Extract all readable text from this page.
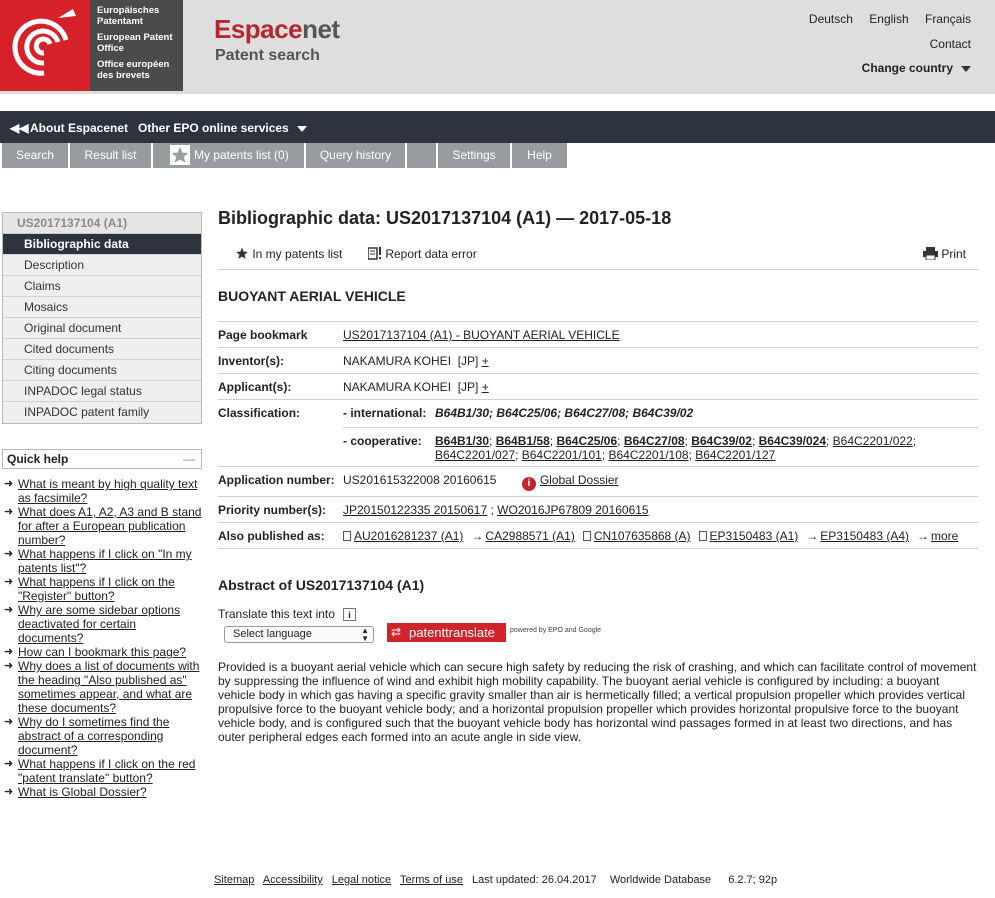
Europäisches Patentamt
European Patent Office
Office européen des brevets
Espacenet
Patent search
Deutsch English Français
Contact
Change country
◀◀ About Espacenet Other EPO online services
Search	Result list	My patents list (0)	Query history	Settings	Help
US2017137104 (A1)
Bibliographic data
Description
Claims
Mosaics
Original document
Cited documents
Citing documents
INPADOC legal status
INPADOC patent family
Quick help	—
➜ What is meant by high quality text as facsimile?
➜ What does A1, A2, A3 and B stand for after a European publication number?
➜ What happens if I click on "In my patents list"?
➜ What happens if I click on the "Register" button?
➜ Why are some sidebar options deactivated for certain documents?
➜ How can I bookmark this page?
➜ Why does a list of documents with the heading "Also published as" sometimes appear, and what are these documents?
➜ Why do I sometimes find the abstract of a corresponding document?
➜ What happens if I click on the red "patent translate" button?
➜ What is Global Dossier?
Bibliographic data: US2017137104 (A1) — 2017-05-18
In my patents list	Report data error	Print
BUOYANT AERIAL VEHICLE
Page bookmark	US2017137104 (A1) - BUOYANT AERIAL VEHICLE
Inventor(s):	NAKAMURA KOHEI [JP] +
Applicant(s):	NAKAMURA KOHEI [JP] +
Classification:	- international: B64B1/30; B64C25/06; B64C27/08; B64C39/02
- cooperative:	B64B1/30; B64B1/58; B64C25/06; B64C27/08; B64C39/02; B64C39/024; B64C2201/022; B64C2201/027; B64C2201/101; B64C2201/108; B64C2201/127
Application number: US201615322008 20160615	i Global Dossier
Priority number(s):	JP20150122335 20150617 ; WO2016JP67809 20160615
Also published as:	AU2016281237 (A1) → CA2988571 (A1) CN107635868 (A) EP3150483 (A1) → EP3150483 (A4) → more
Abstract of US2017137104 (A1)
Translate this text into i
Select language	▲
▼ ⇄ patenttranslate	powered by EPO and Google
Provided is a buoyant aerial vehicle which can secure high safety by reducing the risk of crashing, and which can facilitate control of movement by suppressing the influence of wind and exhibit high mobility capability. The buoyant aerial vehicle is configured by including: a buoyant vehicle body in which gas having a specific gravity smaller than air is hermetically filled; a vertical propulsion propeller which provides vertical propulsive force to the buoyant vehicle body; and a horizontal propulsion propeller which provides horizontal propulsive force to the buoyant vehicle body, and is configured such that the buoyant vehicle body has horizontal wind passages formed in at least two directions, and has outer peripheral edges each formed into an acute angle in side view.
Sitemap Accessibility Legal notice Terms of use Last updated: 26.04.2017 Worldwide Database 6.2.7; 92p
